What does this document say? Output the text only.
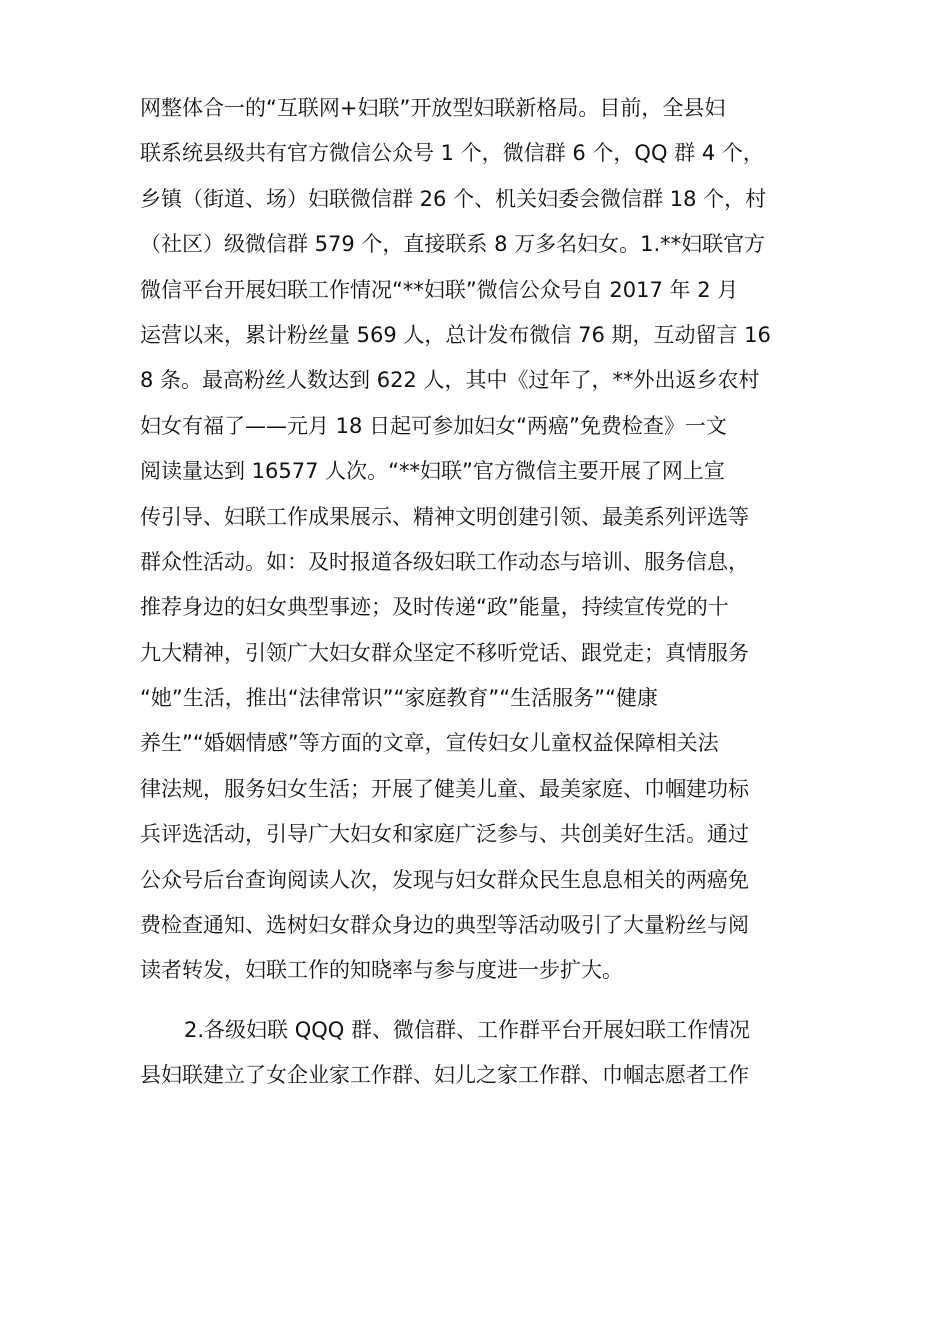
网整体合一的“互联网+妇联”开放型妇联新格局。目前，全县妇
联系统县级共有官方微信公众号 1 个，微信群 6 个，QQ 群 4 个，
乡镇（街道、场）妇联微信群 26 个、机关妇委会微信群 18 个，村
（社区）级微信群 579 个，直接联系 8 万多名妇女。1.**妇联官方
微信平台开展妇联工作情况“**妇联”微信公众号自 2017 年 2 月
运营以来，累计粉丝量 569 人，总计发布微信 76 期，互动留言 16
8 条。最高粉丝人数达到 622 人，其中《过年了，**外出返乡农村
妇女有福了——元月 18 日起可参加妇女“两癌”免费检查》一文
阅读量达到 16577 人次。“**妇联”官方微信主要开展了网上宣
传引导、妇联工作成果展示、精神文明创建引领、最美系列评选等
群众性活动。如：及时报道各级妇联工作动态与培训、服务信息，
推荐身边的妇女典型事迹；及时传递“政”能量，持续宣传党的十
九大精神，引领广大妇女群众坚定不移听党话、跟党走；真情服务
“她”生活，推出“法律常识”“家庭教育”“生活服务”“健康
养生”“婚姻情感”等方面的文章，宣传妇女儿童权益保障相关法
律法规，服务妇女生活；开展了健美儿童、最美家庭、巾帼建功标
兵评选活动，引导广大妇女和家庭广泛参与、共创美好生活。通过
公众号后台查询阅读人次，发现与妇女群众民生息息相关的两癌免
费检查通知、选树妇女群众身边的典型等活动吸引了大量粉丝与阅
读者转发，妇联工作的知晓率与参与度进一步扩大。
2.各级妇联 QQQ 群、微信群、工作群平台开展妇联工作情况
县妇联建立了女企业家工作群、妇儿之家工作群、巾帼志愿者工作
